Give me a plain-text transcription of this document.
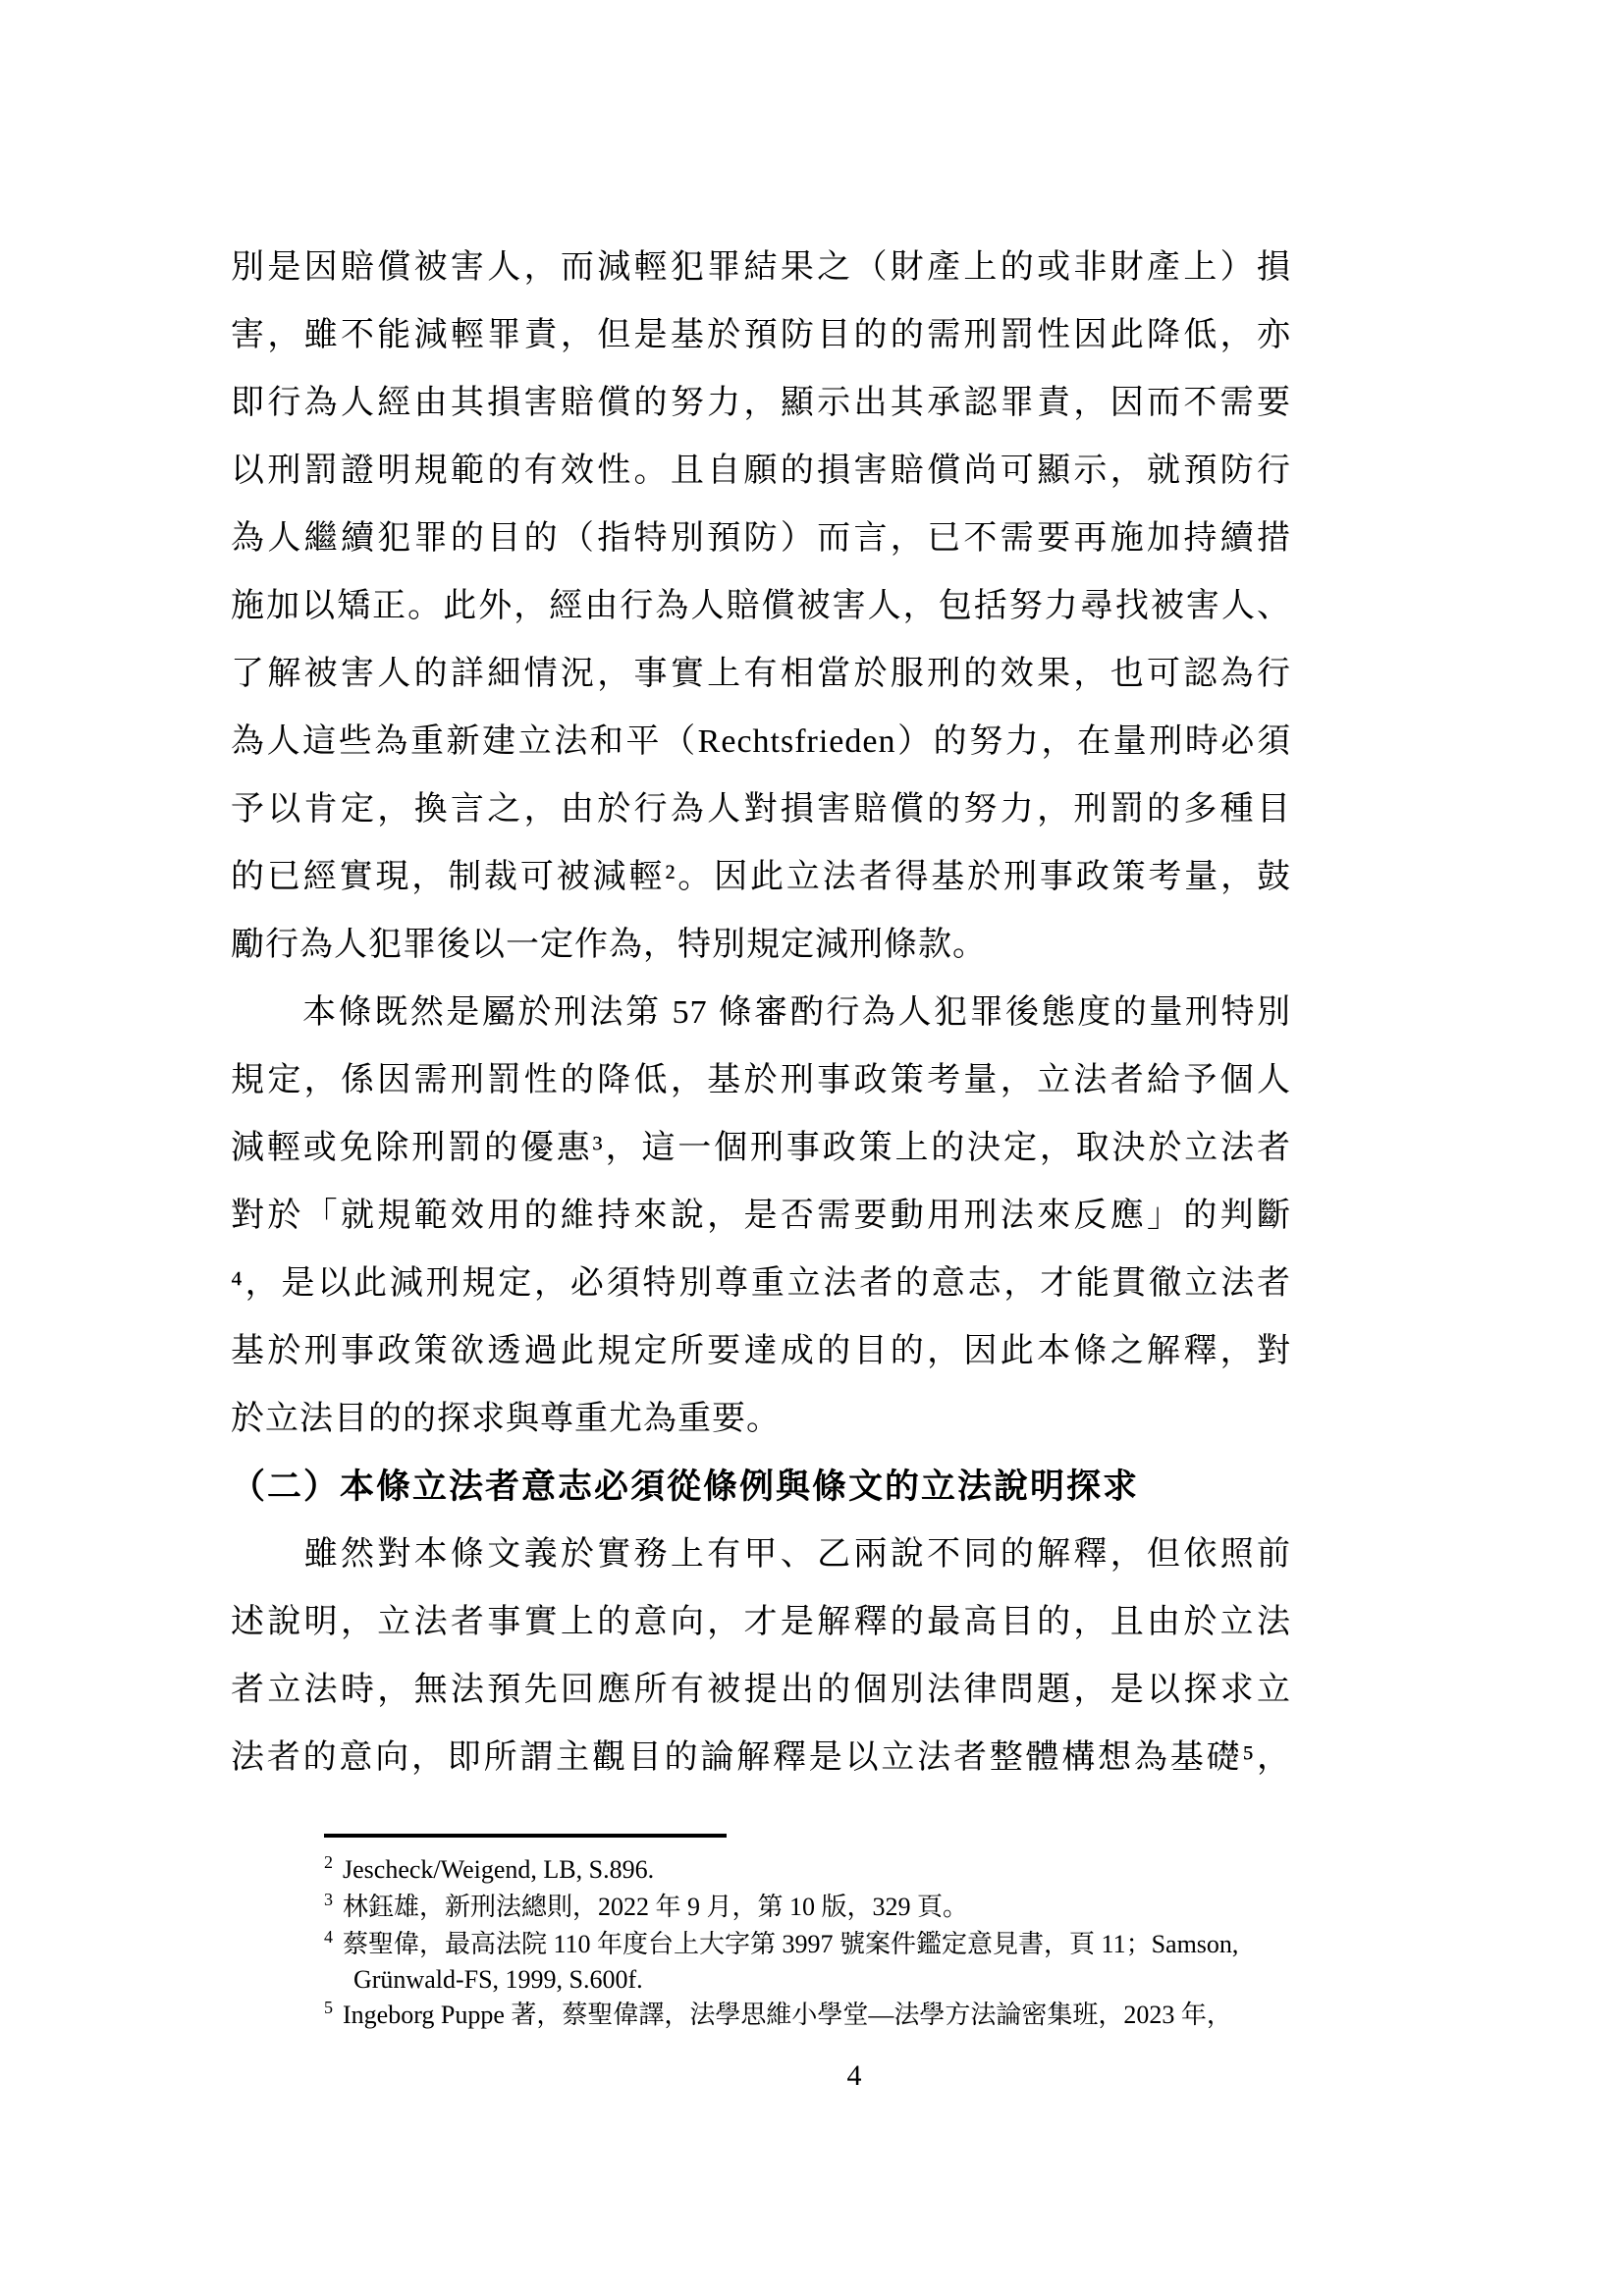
別是因賠償被害人，而減輕犯罪結果之（財產上的或非財產上）損
害，雖不能減輕罪責，但是基於預防目的的需刑罰性因此降低，亦
即行為人經由其損害賠償的努力，顯示出其承認罪責，因而不需要
以刑罰證明規範的有效性。且自願的損害賠償尚可顯示，就預防行
為人繼續犯罪的目的（指特別預防）而言，已不需要再施加持續措
施加以矯正。此外，經由行為人賠償被害人，包括努力尋找被害人、
了解被害人的詳細情況，事實上有相當於服刑的效果，也可認為行
為人這些為重新建立法和平（Rechtsfrieden）的努力，在量刑時必須
予以肯定，換言之，由於行為人對損害賠償的努力，刑罰的多種目
的已經實現，制裁可被減輕²。因此立法者得基於刑事政策考量，鼓
勵行為人犯罪後以一定作為，特別規定減刑條款。
　　本條既然是屬於刑法第 57 條審酌行為人犯罪後態度的量刑特別
規定，係因需刑罰性的降低，基於刑事政策考量，立法者給予個人
減輕或免除刑罰的優惠³，這一個刑事政策上的決定，取決於立法者
對於「就規範效用的維持來說，是否需要動用刑法來反應」的判斷
⁴，是以此減刑規定，必須特別尊重立法者的意志，才能貫徹立法者
基於刑事政策欲透過此規定所要達成的目的，因此本條之解釋，對
於立法目的的探求與尊重尤為重要。
（二）本條立法者意志必須從條例與條文的立法說明探求
　　雖然對本條文義於實務上有甲、乙兩說不同的解釋，但依照前
述說明，立法者事實上的意向，才是解釋的最高目的，且由於立法
者立法時，無法預先回應所有被提出的個別法律問題，是以探求立
法者的意向，即所謂主觀目的論解釋是以立法者整體構想為基礎⁵，
2 Jescheck/Weigend, LB, S.896.
3 林鈺雄，新刑法總則，2022 年 9 月，第 10 版，329 頁。
4 蔡聖偉，最高法院 110 年度台上大字第 3997 號案件鑑定意見書，頁 11；Samson,
Grünwald-FS, 1999, S.600f.
5 Ingeborg Puppe 著，蔡聖偉譯，法學思維小學堂—法學方法論密集班，2023 年，
4
